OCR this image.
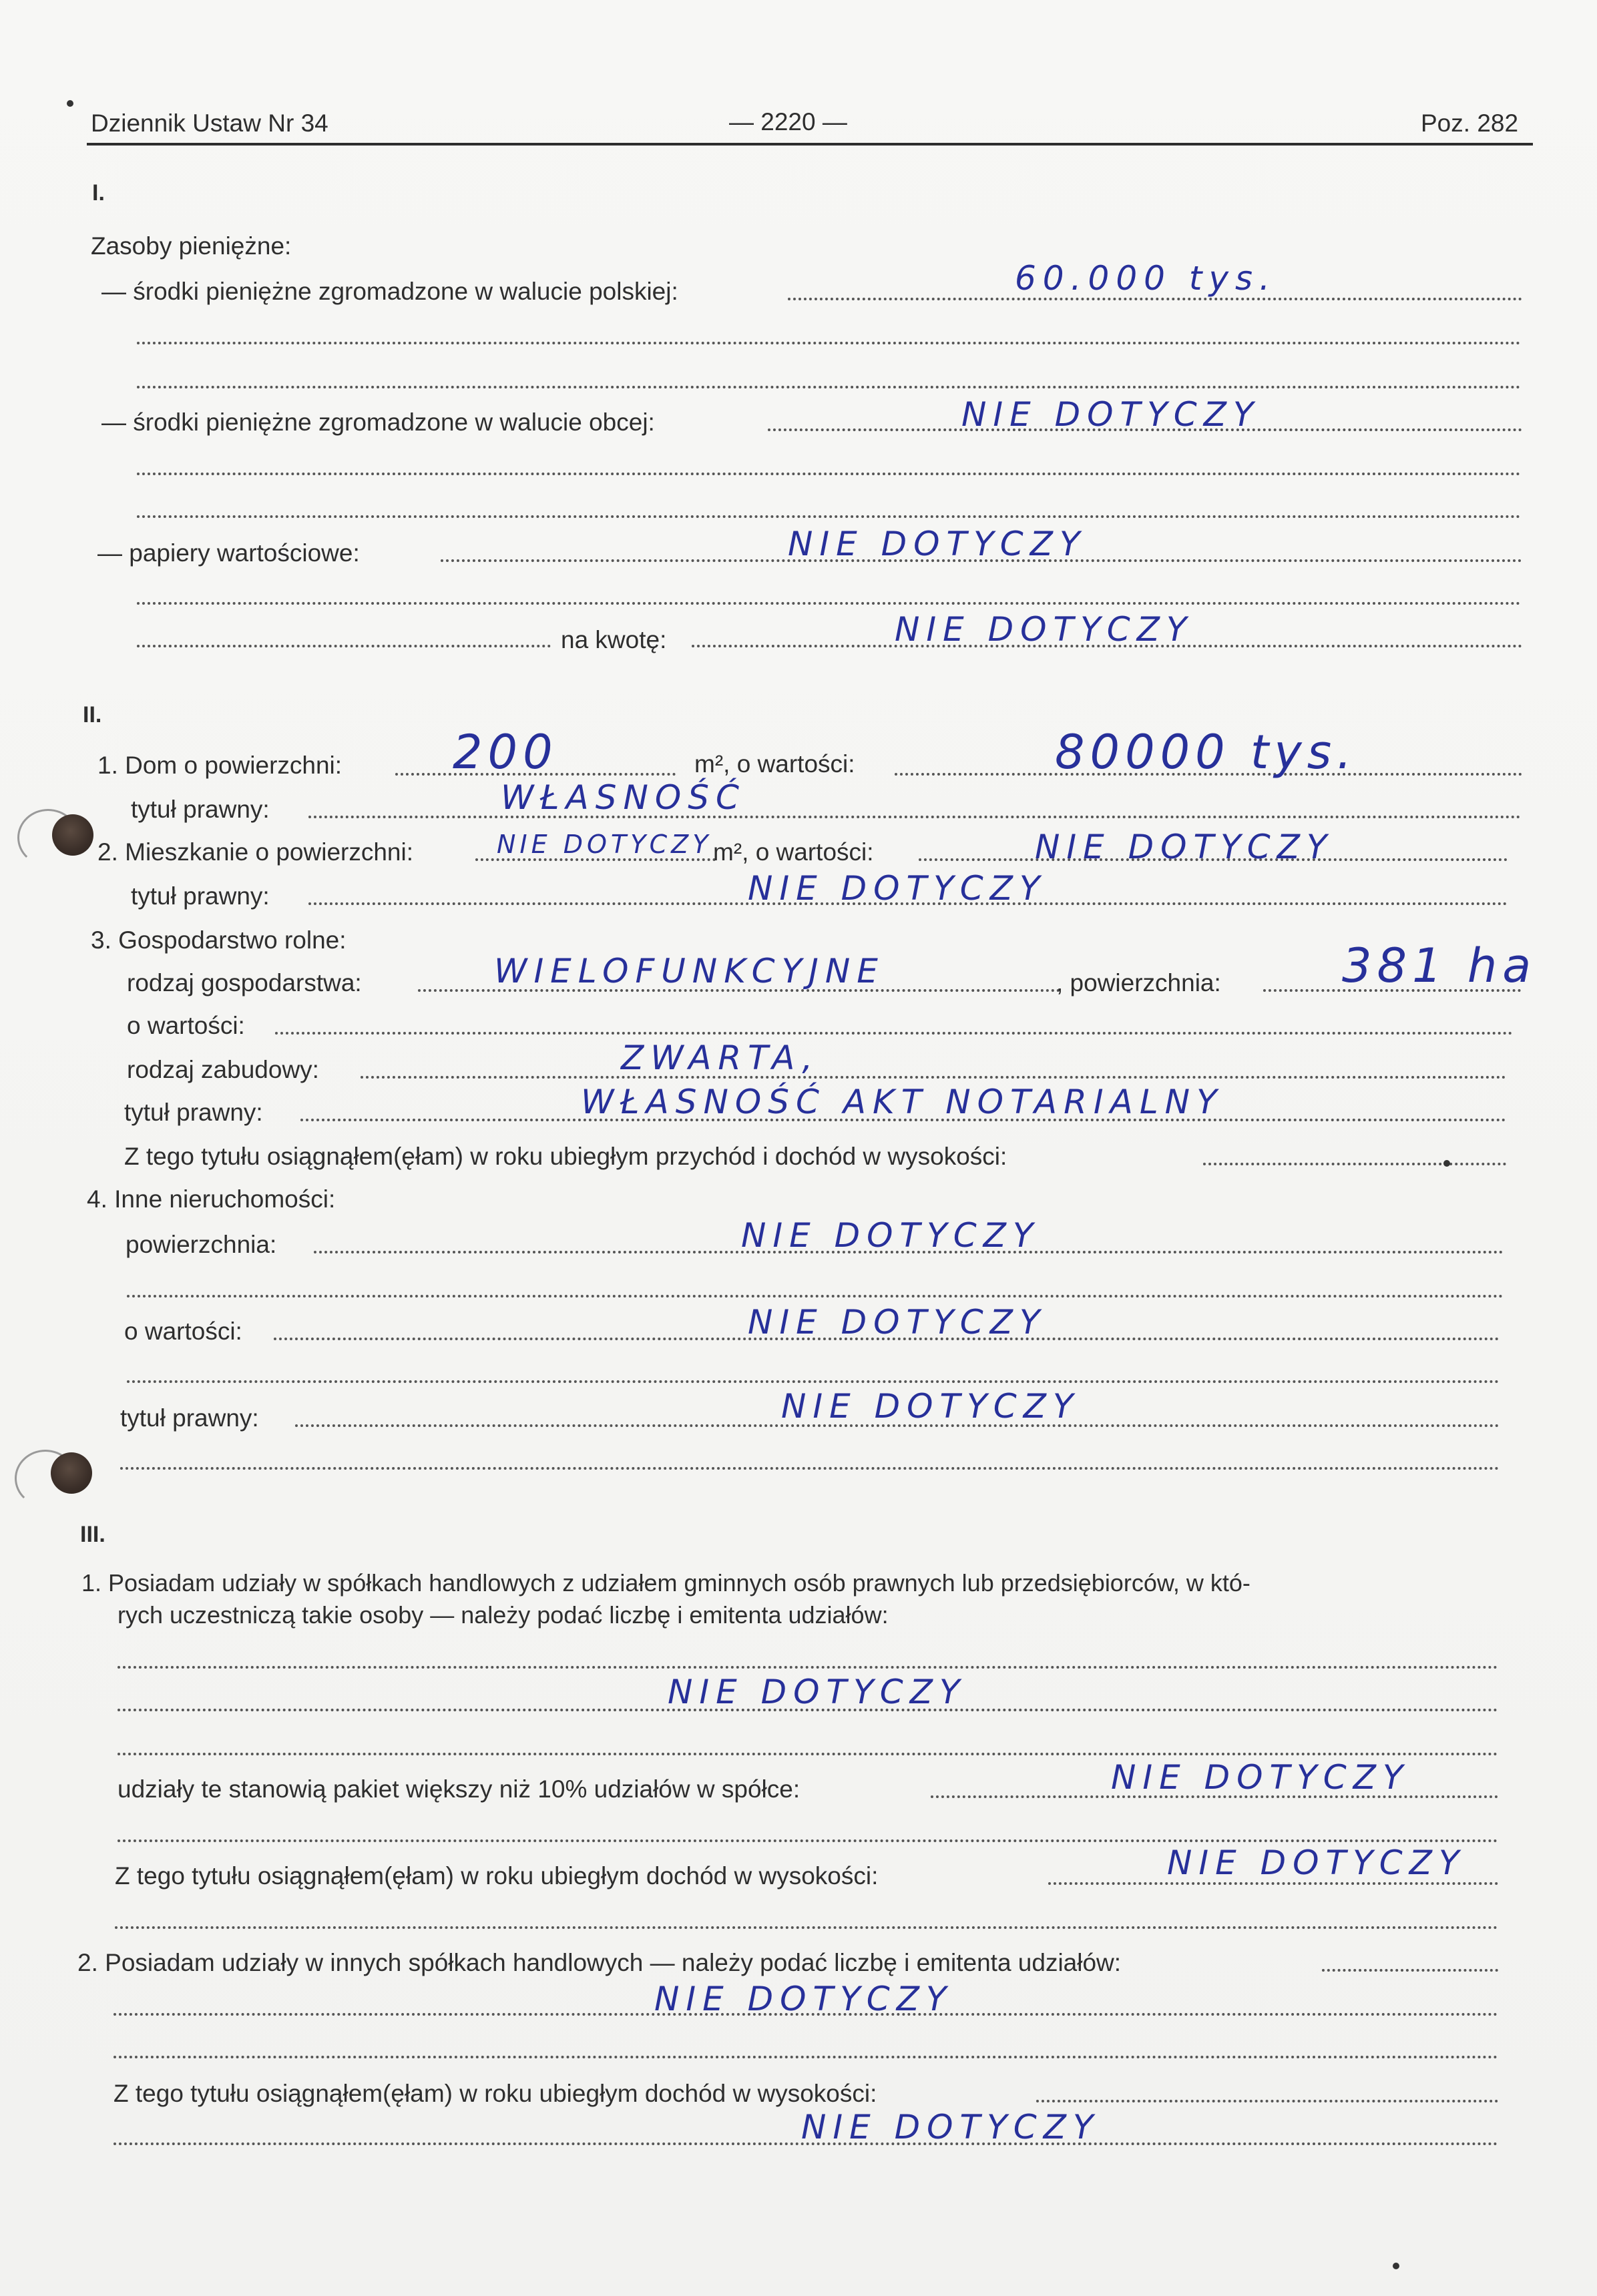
Dziennik Ustaw Nr 34	— 2220 —	Poz. 282
I.
Zasoby pieniężne:
— środki pieniężne zgromadzone w walucie polskiej:	60.000 tys.
— środki pieniężne zgromadzone w walucie obcej:	NIE DOTYCZY
— papiery wartościowe:	NIE DOTYCZY
na kwotę:	NIE DOTYCZY
II.
1. Dom o powierzchni: 200	m², o wartości:	80000 tys.
tytuł prawny:	WŁASNOŚĆ
2. Mieszkanie o powierzchni:	NIE DOTYCZY m², o wartości:	NIE DOTYCZY
tytuł prawny:	NIE DOTYCZY
3. Gospodarstwo rolne:
rodzaj gospodarstwa:	WIELOFUNKCYJNE	, powierzchnia:	381 ha
o wartości:
rodzaj zabudowy:	ZWARTA,
tytuł prawny:	WŁASNOŚĆ AKT NOTARIALNY
Z tego tytułu osiągnąłem(ęłam) w roku ubiegłym przychód i dochód w wysokości:
4. Inne nieruchomości:
powierzchnia:	NIE DOTYCZY
o wartości:	NIE DOTYCZY
tytuł prawny:	NIE DOTYCZY
III.
1. Posiadam udziały w spółkach handlowych z udziałem gminnych osób prawnych lub przedsiębiorców, w któ-
rych uczestniczą takie osoby — należy podać liczbę i emitenta udziałów:
NIE DOTYCZY
udziały te stanowią pakiet większy niż 10% udziałów w spółce:	NIE DOTYCZY
Z tego tytułu osiągnąłem(ęłam) w roku ubiegłym dochód w wysokości:	NIE DOTYCZY
2. Posiadam udziały w innych spółkach handlowych — należy podać liczbę i emitenta udziałów:
NIE DOTYCZY
Z tego tytułu osiągnąłem(ęłam) w roku ubiegłym dochód w wysokości:
NIE DOTYCZY
